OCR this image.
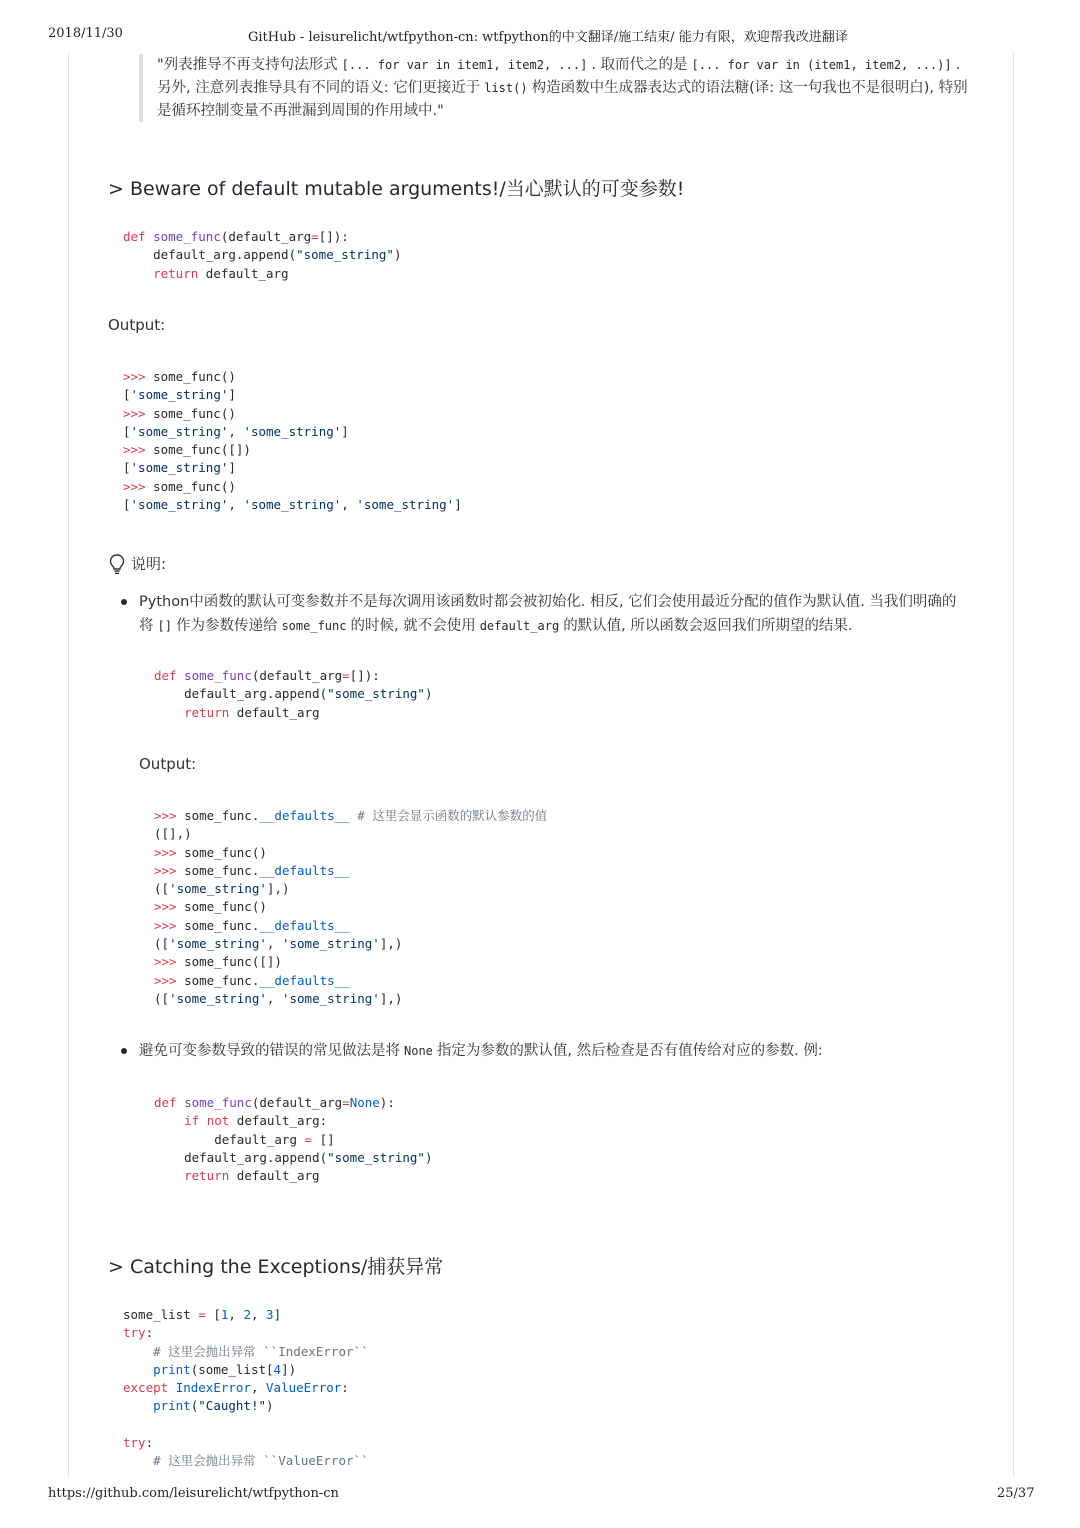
2018/11/30	GitHub - leisurelicht/wtfpython-cn: wtfpython的中文翻译/施工结束/ 能力有限，欢迎帮我改进翻译
https://github.com/leisurelicht/wtfpython-cn	25/37
"列表推导不再支持句法形式 [... for var in item1, item2, ...] . 取而代之的是 [... for var in (item1, item2, ...)] . 另外, 注意列表推导具有不同的语义: 它们更接近于 list() 构造函数中生成器表达式的语法糖(译: 这一句我也不是很明白), 特别是循环控制变量不再泄漏到周围的作用域中."
> Beware of default mutable arguments!/当心默认的可变参数!
def some_func(default_arg=[]):
default_arg.append("some_string")
return default_arg
Output:
>>> some_func()
['some_string']
>>> some_func()
['some_string', 'some_string']
>>> some_func([])
['some_string']
>>> some_func()
['some_string', 'some_string', 'some_string']
说明:
Python中函数的默认可变参数并不是每次调用该函数时都会被初始化. 相反, 它们会使用最近分配的值作为默认值. 当我们明确的将 [] 作为参数传递给 some_func 的时候, 就不会使用 default_arg 的默认值, 所以函数会返回我们所期望的结果.
def some_func(default_arg=[]):
default_arg.append("some_string")
return default_arg
Output:
>>> some_func.__defaults__ # 这里会显示函数的默认参数的值
([],)
>>> some_func()
>>> some_func.__defaults__
(['some_string'],)
>>> some_func()
>>> some_func.__defaults__
(['some_string', 'some_string'],)
>>> some_func([])
>>> some_func.__defaults__
(['some_string', 'some_string'],)
避免可变参数导致的错误的常见做法是将 None 指定为参数的默认值, 然后检查是否有值传给对应的参数. 例:
def some_func(default_arg=None):
if not default_arg:
default_arg = []
default_arg.append("some_string")
return default_arg
> Catching the Exceptions/捕获异常
some_list = [1, 2, 3]
try:
# 这里会抛出异常 ``IndexError``
print(some_list[4])
except IndexError, ValueError:
print("Caught!")

try:
# 这里会抛出异常 ``ValueError``
